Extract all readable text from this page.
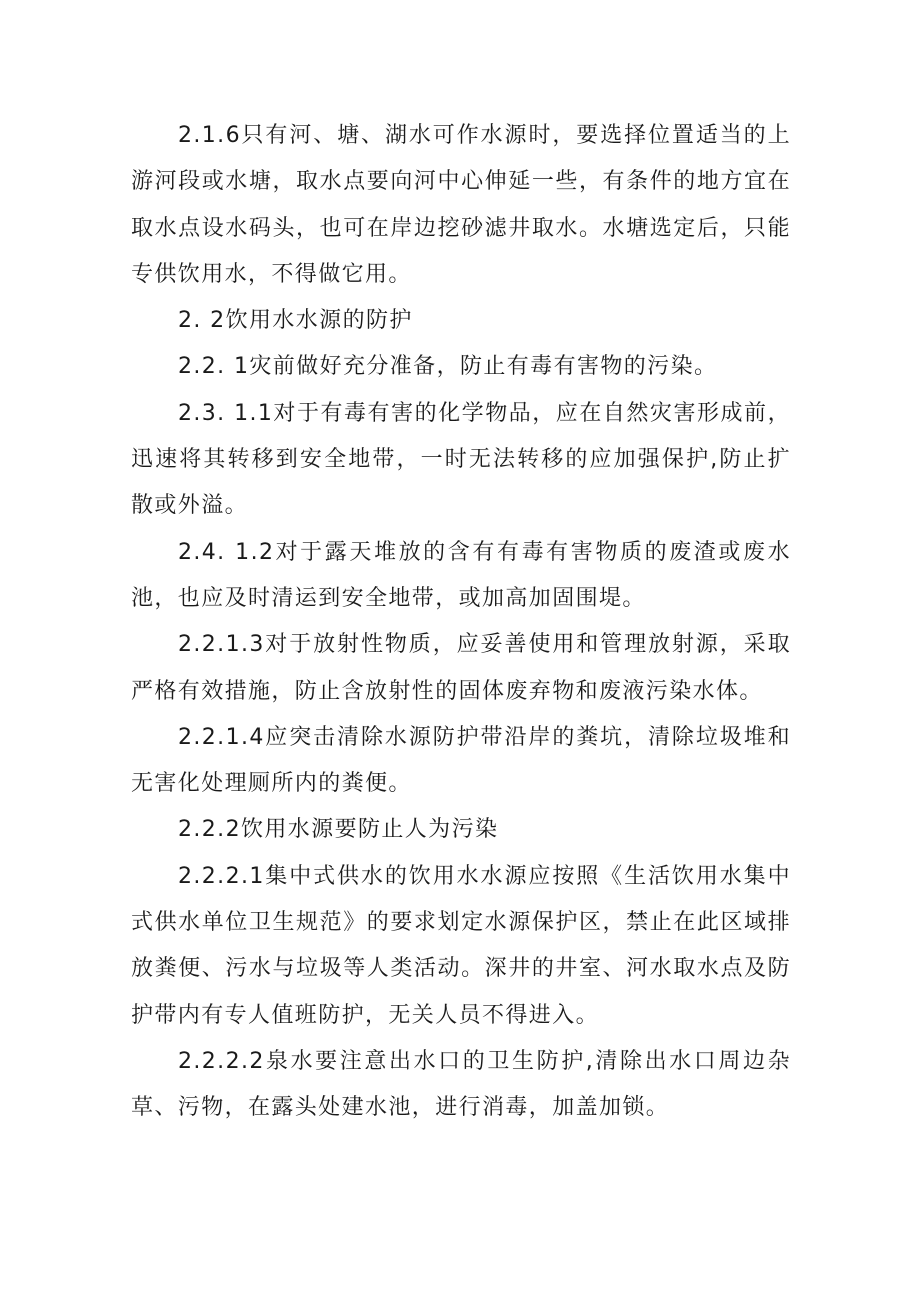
2.1.6只有河、塘、湖水可作水源时，要选择位置适当的上游河段或水塘，取水点要向河中心伸延一些，有条件的地方宜在取水点设水码头，也可在岸边挖砂滤井取水。水塘选定后，只能专供饮用水，不得做它用。

2. 2饮用水水源的防护

2.2. 1灾前做好充分准备，防止有毒有害物的污染。

2.3. 1.1对于有毒有害的化学物品，应在自然灾害形成前，迅速将其转移到安全地带，一时无法转移的应加强保护,防止扩散或外溢。

2.4. 1.2对于露天堆放的含有有毒有害物质的废渣或废水池，也应及时清运到安全地带，或加高加固围堤。

2.2.1.3对于放射性物质，应妥善使用和管理放射源，采取严格有效措施，防止含放射性的固体废弃物和废液污染水体。

2.2.1.4应突击清除水源防护带沿岸的粪坑，清除垃圾堆和无害化处理厕所内的粪便。

2.2.2饮用水源要防止人为污染

2.2.2.1集中式供水的饮用水水源应按照《生活饮用水集中式供水单位卫生规范》的要求划定水源保护区，禁止在此区域排放粪便、污水与垃圾等人类活动。深井的井室、河水取水点及防护带内有专人值班防护，无关人员不得进入。

2.2.2.2泉水要注意出水口的卫生防护,清除出水口周边杂草、污物，在露头处建水池，进行消毒，加盖加锁。
